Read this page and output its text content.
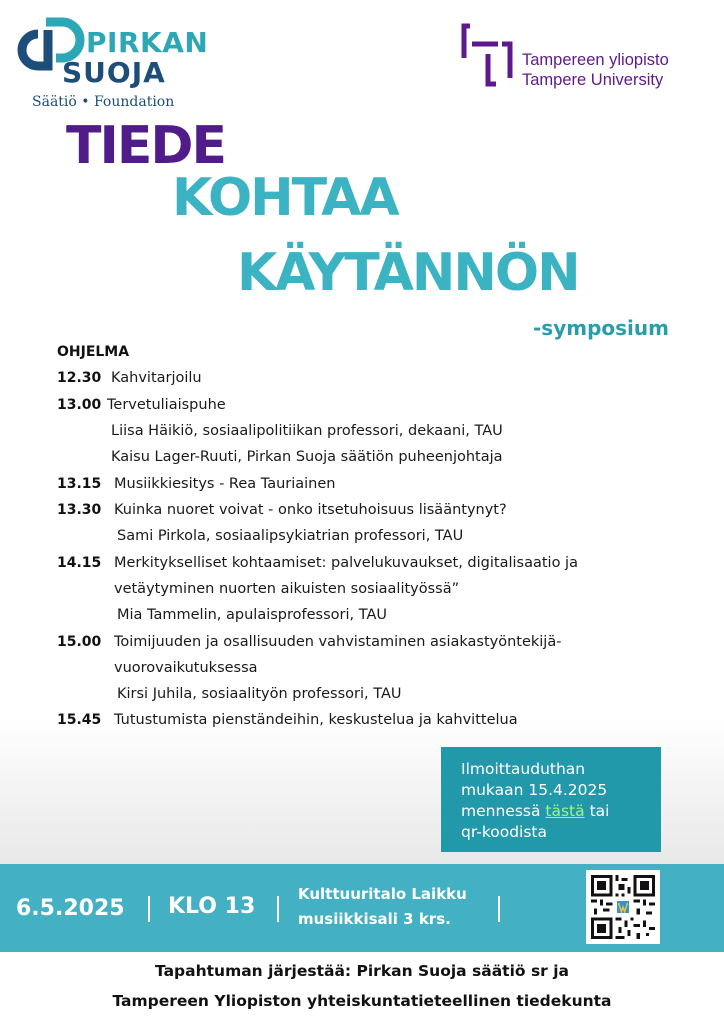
PIRKAN
SUOJA
Säätiö • Foundation
Tampereen yliopisto
Tampere University
TIEDE
KOHTAA
KÄYTÄNNÖN
-symposium
OHJELMA
12.30 Kahvitarjoilu
13.00 Tervetuliaispuhe
Liisa Häikiö, sosiaalipolitiikan professori, dekaani, TAU
Kaisu Lager-Ruuti, Pirkan Suoja säätiön puheenjohtaja
13.15 Musiikkiesitys - Rea Tauriainen
13.30 Kuinka nuoret voivat - onko itsetuhoisuus lisääntynyt?
Sami Pirkola, sosiaalipsykiatrian professori, TAU
14.15 Merkitykselliset kohtaamiset: palvelukuvaukset, digitalisaatio ja
vetäytyminen nuorten aikuisten sosiaalityössä”
Mia Tammelin, apulaisprofessori, TAU
15.00 Toimijuuden ja osallisuuden vahvistaminen asiakastyöntekijä-
vuorovaikutuksessa
Kirsi Juhila, sosiaalityön professori, TAU
15.45 Tutustumista pienständeihin, keskustelua ja kahvittelua
Ilmoittauduthan
mukaan 15.4.2025
mennessä tästä tai
qr-koodista
6.5.2025 KLO 13	Kulttuuritalo Laikku
musiikkisali 3 krs.
Tapahtuman järjestää: Pirkan Suoja säätiö sr ja
Tampereen Yliopiston yhteiskuntatieteellinen tiedekunta
